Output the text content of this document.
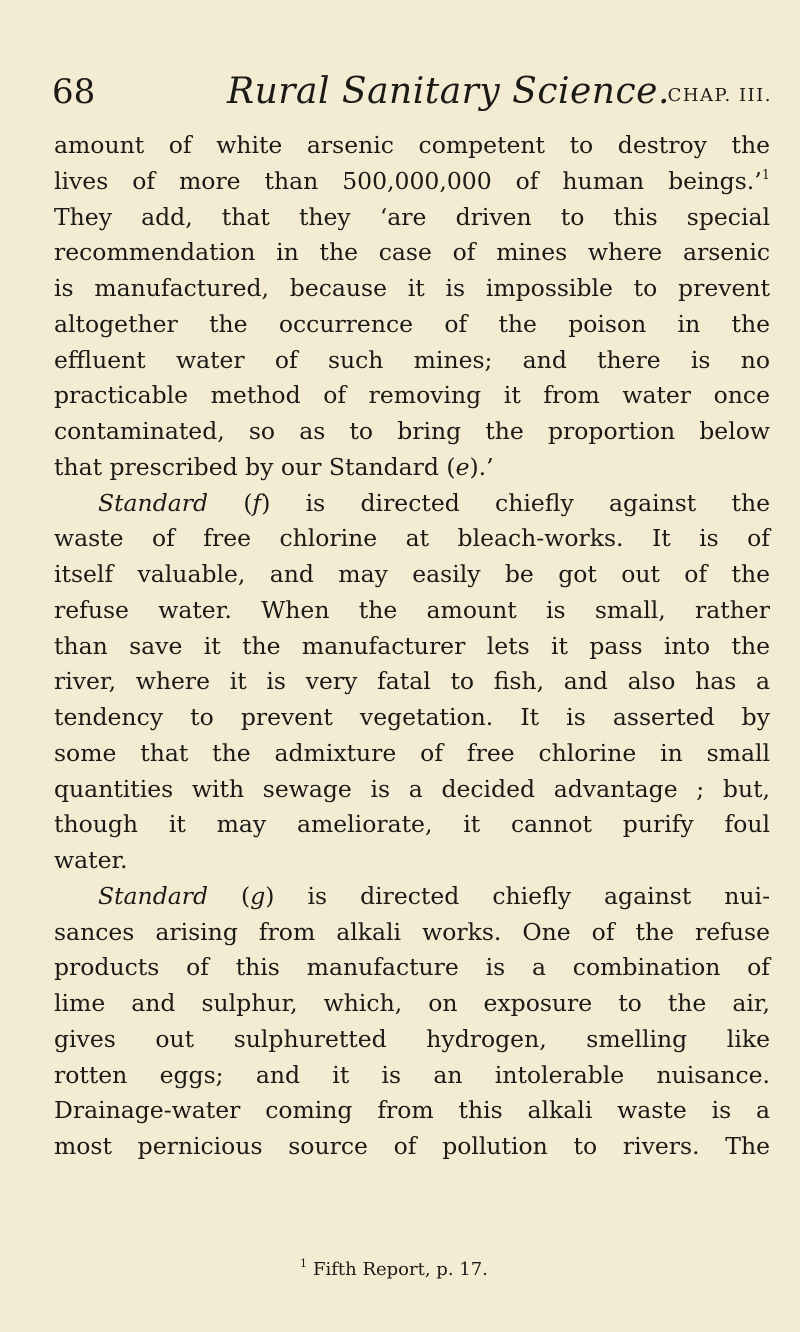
68	Rural Sanitary Science.
CHAP. III.
amount of white arsenic competent to destroy the
lives of more than 500,000,000 of human beings.’$^1$
They add, that they ‘are driven to this special
recommendation in the case of mines where arsenic
is manufactured, because it is impossible to prevent
altogether the occurrence of the poison in the
effluent water of such mines; and there is no
practicable method of removing it from water once
contaminated, so as to bring the proportion below
that prescribed by our Standard (e).’
Standard (f) is directed chiefly against the
waste of free chlorine at bleach-works. It is of
itself valuable, and may easily be got out of the
refuse water. When the amount is small, rather
than save it the manufacturer lets it pass into the
river, where it is very fatal to fish, and also has a
tendency to prevent vegetation. It is asserted by
some that the admixture of free chlorine in small
quantities with sewage is a decided advantage ; but,
though it may ameliorate, it cannot purify foul
water.
Standard (g) is directed chiefly against nui-
sances arising from alkali works. One of the refuse
products of this manufacture is a combination of
lime and sulphur, which, on exposure to the air,
gives out sulphuretted hydrogen, smelling like
rotten eggs; and it is an intolerable nuisance.
Drainage-water coming from this alkali waste is a
most pernicious source of pollution to rivers. The
$^1$ Fifth Report, p. 17.
